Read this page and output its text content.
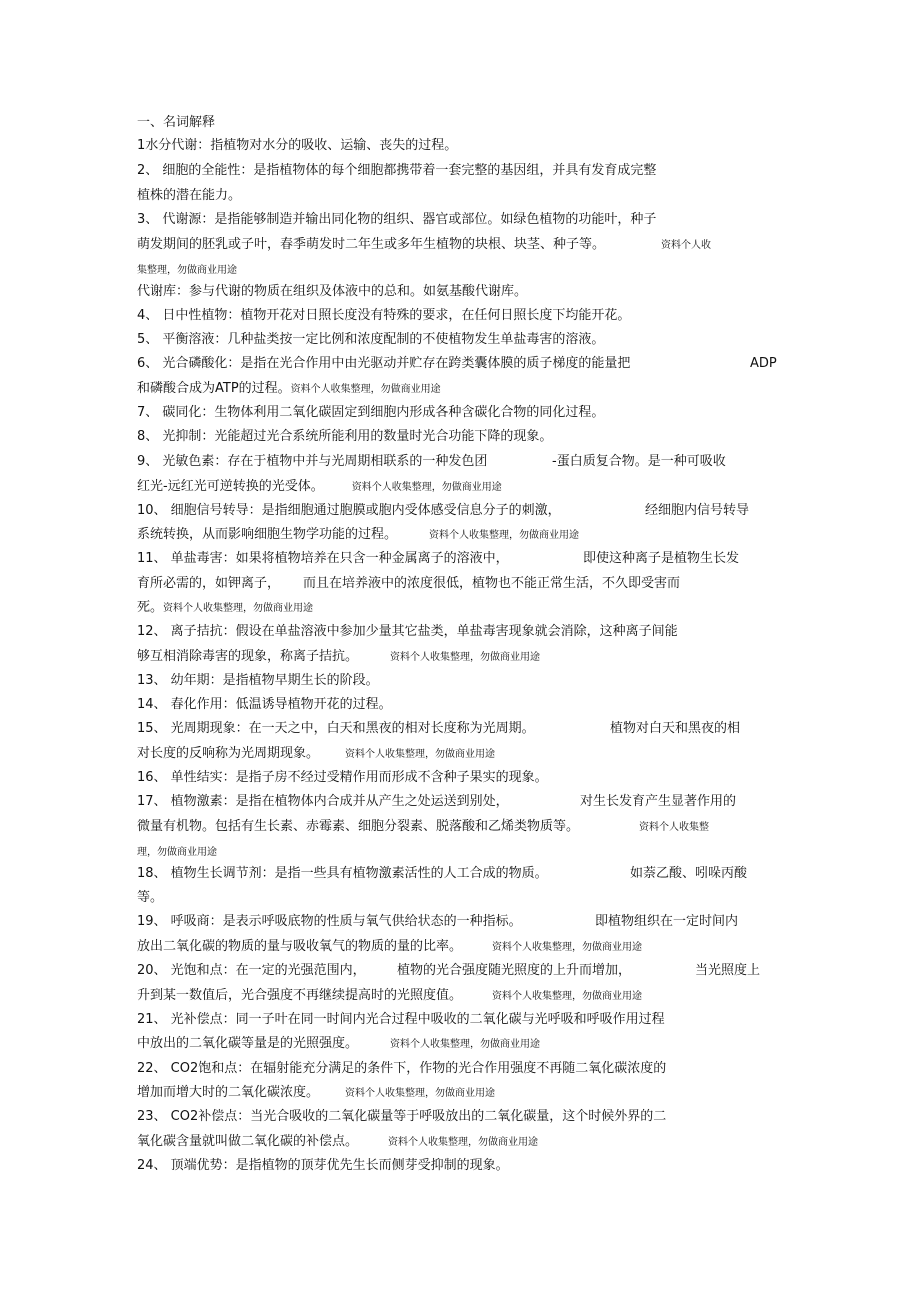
一、名词解释
1水分代谢：指植物对水分的吸收、运输、丧失的过程。
2、 细胞的全能性：是指植物体的每个细胞都携带着一套完整的基因组，并具有发育成完整
植株的潜在能力。
3、 代谢源：是指能够制造并输出同化物的组织、器官或部位。如绿色植物的功能叶，种子
萌发期间的胚乳或子叶，春季萌发时二年生或多年生植物的块根、块茎、种子等。	资料个人收
集整理，勿做商业用途
代谢库：参与代谢的物质在组织及体液中的总和。如氨基酸代谢库。
4、 日中性植物：植物开花对日照长度没有特殊的要求，在任何日照长度下均能开花。
5、 平衡溶液：几种盐类按一定比例和浓度配制的不使植物发生单盐毒害的溶液。
6、 光合磷酸化：是指在光合作用中由光驱动并贮存在跨类囊体膜的质子梯度的能量把	ADP
和磷酸合成为ATP的过程。资料个人收集整理，勿做商业用途
7、 碳同化：生物体利用二氧化碳固定到细胞内形成各种含碳化合物的同化过程。
8、 光抑制：光能超过光合系统所能利用的数量时光合功能下降的现象。
9、 光敏色素：存在于植物中并与光周期相联系的一种发色团	-蛋白质复合物。是一种可吸收
红光-远红光可逆转换的光受体。	资料个人收集整理，勿做商业用途
10、 细胞信号转导：是指细胞通过胞膜或胞内受体感受信息分子的刺激，	经细胞内信号转导
系统转换，从而影响细胞生物学功能的过程。	资料个人收集整理，勿做商业用途
11、 单盐毒害：如果将植物培养在只含一种金属离子的溶液中，	即使这种离子是植物生长发
育所必需的，如钾离子， 而且在培养液中的浓度很低，植物也不能正常生活，不久即受害而
死。资料个人收集整理，勿做商业用途
12、 离子拮抗：假设在单盐溶液中参加少量其它盐类，单盐毒害现象就会消除，这种离子间能
够互相消除毒害的现象，称离子拮抗。	资料个人收集整理，勿做商业用途
13、 幼年期：是指植物早期生长的阶段。
14、 春化作用：低温诱导植物开花的过程。
15、 光周期现象：在一天之中，白天和黑夜的相对长度称为光周期。	植物对白天和黑夜的相
对长度的反响称为光周期现象。	资料个人收集整理，勿做商业用途
16、 单性结实：是指子房不经过受精作用而形成不含种子果实的现象。
17、 植物激素：是指在植物体内合成并从产生之处运送到别处，	对生长发育产生显著作用的
微量有机物。包括有生长素、赤霉素、细胞分裂素、脱落酸和乙烯类物质等。	资料个人收集整
理，勿做商业用途
18、 植物生长调节剂：是指一些具有植物激素活性的人工合成的物质。	如萘乙酸、吲哚丙酸
等。
19、 呼吸商：是表示呼吸底物的性质与氧气供给状态的一种指标。	即植物组织在一定时间内
放出二氧化碳的物质的量与吸收氧气的物质的量的比率。	资料个人收集整理，勿做商业用途
20、 光饱和点：在一定的光强范围内， 植物的光合强度随光照度的上升而增加，	当光照度上
升到某一数值后，光合强度不再继续提高时的光照度值。	资料个人收集整理，勿做商业用途
21、 光补偿点：同一子叶在同一时间内光合过程中吸收的二氧化碳与光呼吸和呼吸作用过程
中放出的二氧化碳等量是的光照强度。	资料个人收集整理，勿做商业用途
22、 CO2饱和点：在辐射能充分满足的条件下，作物的光合作用强度不再随二氧化碳浓度的
增加而增大时的二氧化碳浓度。	资料个人收集整理，勿做商业用途
23、 CO2补偿点：当光合吸收的二氧化碳量等于呼吸放出的二氧化碳量，这个时候外界的二
氧化碳含量就叫做二氧化碳的补偿点。	资料个人收集整理，勿做商业用途
24、 顶端优势：是指植物的顶芽优先生长而侧芽受抑制的现象。
